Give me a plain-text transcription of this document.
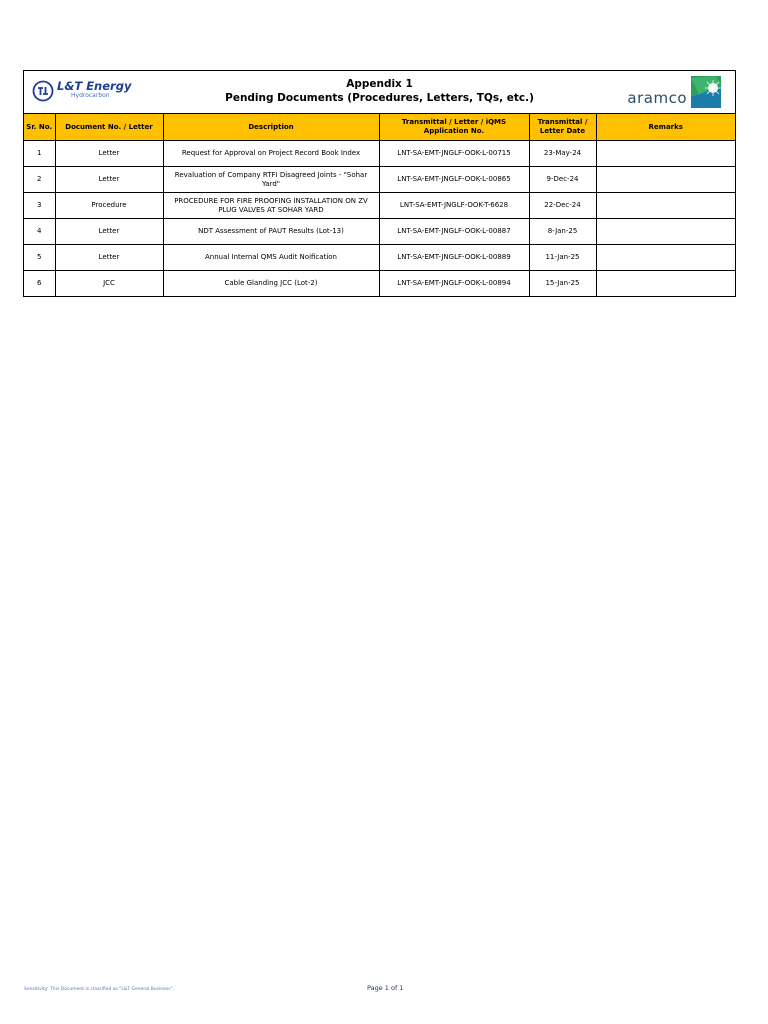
L&T Energy
Hydrocarbon
Appendix 1
Pending Documents (Procedures, Letters, TQs, etc.)	aramco
Sr. No.	Document No. / Letter	Description	Transmittal / Letter / iQMS Application No.	Transmittal / Letter Date	Remarks
1	Letter	Request for Approval on Project Record Book Index	LNT-SA-EMT-JNGLF-OOK-L-00715	23-May-24	
2	Letter	Revaluation of Company RTFI Disagreed Joints - "Sohar Yard"	LNT-SA-EMT-JNGLF-OOK-L-00865	9-Dec-24	
3	Procedure	PROCEDURE FOR FIRE PROOFING INSTALLATION ON ZV PLUG VALVES AT SOHAR YARD	LNT-SA-EMT-JNGLF-OOK-T-6628	22-Dec-24	
4	Letter	NDT Assessment of PAUT Results (Lot-13)	LNT-SA-EMT-JNGLF-OOK-L-00887	8-Jan-25	
5	Letter	Annual Internal QMS Audit Noification	LNT-SA-EMT-JNGLF-OOK-L-00889	11-Jan-25	
6	JCC	Cable Glanding JCC (Lot-2)	LNT-SA-EMT-JNGLF-OOK-L-00894	15-Jan-25	
Sensitivity: This Document is classified as "L&T General Business".	Page 1 of 1
